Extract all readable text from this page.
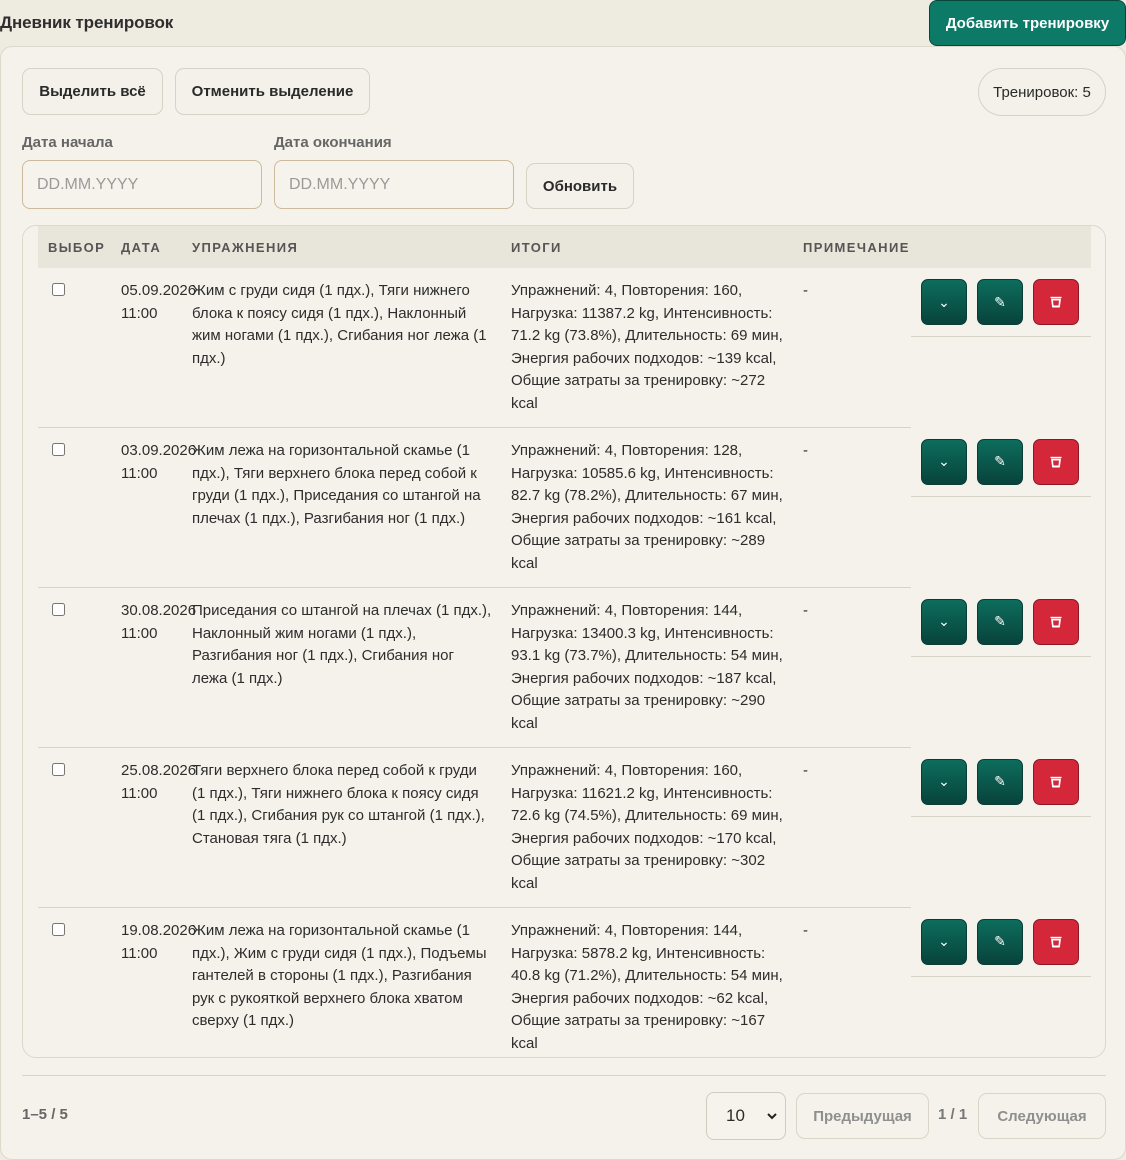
Дневник тренировок	Добавить тренировку
Выделить всё	Отменить выделение	Тренировок: 5
Дата начала
DD.MM.YYYY	Дата окончания
DD.MM.YYYY
Обновить
ВЫБОР	ДАТА	УПРАЖНЕНИЯ	ИТОГИ	ПРИМЕЧАНИЕ	
	05.09.2026 11:00	Жим с груди сидя (1 пдх.), Тяги нижнего блока к поясу сидя (1 пдх.), Наклонный жим ногами (1 пдх.), Сгибания ног лежа (1 пдх.)	Упражнений: 4, Повторения: 160, Нагрузка: 11387.2 kg, Интенсивность: 71.2 kg (73.8%), Длительность: 69 мин, Энергия рабочих подходов: ~139 kcal, Общие затраты за тренировку: ~272 kcal	-	⌄ ✎

	03.09.2026 11:00	Жим лежа на горизонтальной скамье (1 пдх.), Тяги верхнего блока перед собой к груди (1 пдх.), Приседания со штангой на плечах (1 пдх.), Разгибания ног (1 пдх.)	Упражнений: 4, Повторения: 128, Нагрузка: 10585.6 kg, Интенсивность: 82.7 kg (78.2%), Длительность: 67 мин, Энергия рабочих подходов: ~161 kcal, Общие затраты за тренировку: ~289 kcal	-	⌄ ✎

	30.08.2026 11:00	Приседания со штангой на плечах (1 пдх.), Наклонный жим ногами (1 пдх.), Разгибания ног (1 пдх.), Сгибания ног лежа (1 пдх.)	Упражнений: 4, Повторения: 144, Нагрузка: 13400.3 kg, Интенсивность: 93.1 kg (73.7%), Длительность: 54 мин, Энергия рабочих подходов: ~187 kcal, Общие затраты за тренировку: ~290 kcal	-	⌄ ✎

	25.08.2026 11:00	Тяги верхнего блока перед собой к груди (1 пдх.), Тяги нижнего блока к поясу сидя (1 пдх.), Сгибания рук со штангой (1 пдх.), Становая тяга (1 пдх.)	Упражнений: 4, Повторения: 160, Нагрузка: 11621.2 kg, Интенсивность: 72.6 kg (74.5%), Длительность: 69 мин, Энергия рабочих подходов: ~170 kcal, Общие затраты за тренировку: ~302 kcal	-	⌄ ✎

	19.08.2026 11:00	Жим лежа на горизонтальной скамье (1 пдх.), Жим с груди сидя (1 пдх.), Подъемы гантелей в стороны (1 пдх.), Разгибания рук с рукояткой верхнего блока хватом сверху (1 пдх.)	Упражнений: 4, Повторения: 144, Нагрузка: 5878.2 kg, Интенсивность: 40.8 kg (71.2%), Длительность: 54 мин, Энергия рабочих подходов: ~62 kcal, Общие затраты за тренировку: ~167 kcal	-	⌄ ✎
1–5 / 5	10	Предыдущая	1 / 1	Следующая
